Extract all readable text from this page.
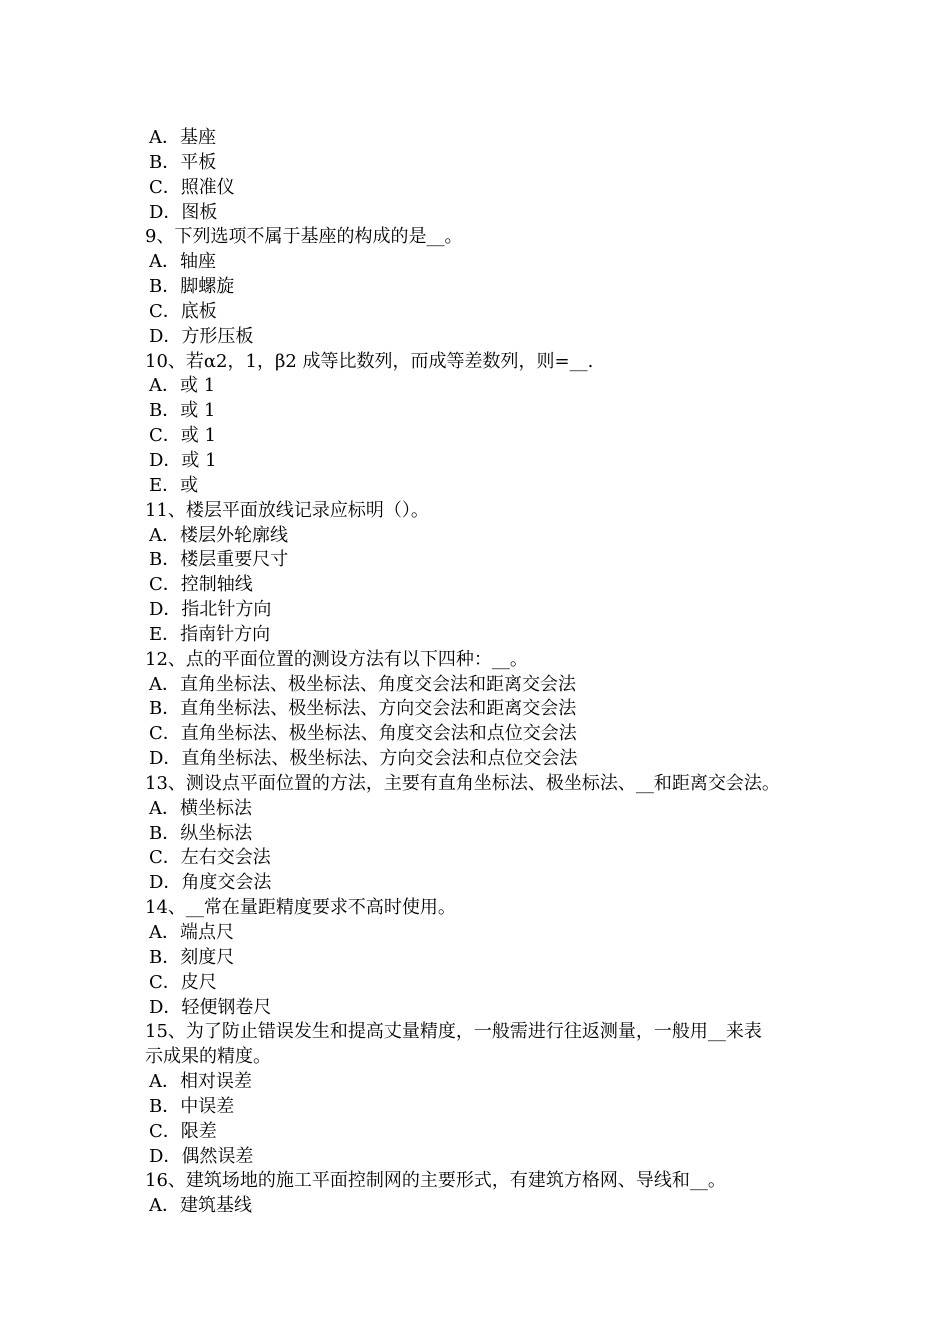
A．基座
B．平板
C．照准仪
D．图板
9、下列选项不属于基座的构成的是__。
A．轴座
B．脚螺旋
C．底板
D．方形压板
10、若α2，1，β2 成等比数列，而成等差数列，则=__.
A．或 1
B．或 1
C．或 1
D．或 1
E．或
11、楼层平面放线记录应标明（）。
A．楼层外轮廓线
B．楼层重要尺寸
C．控制轴线
D．指北针方向
E．指南针方向
12、点的平面位置的测设方法有以下四种：__。
A．直角坐标法、极坐标法、角度交会法和距离交会法
B．直角坐标法、极坐标法、方向交会法和距离交会法
C．直角坐标法、极坐标法、角度交会法和点位交会法
D．直角坐标法、极坐标法、方向交会法和点位交会法
13、测设点平面位置的方法，主要有直角坐标法、极坐标法、__和距离交会法。
A．横坐标法
B．纵坐标法
C．左右交会法
D．角度交会法
14、__常在量距精度要求不高时使用。
A．端点尺
B．刻度尺
C．皮尺
D．轻便钢卷尺
15、为了防止错误发生和提高丈量精度，一般需进行往返测量，一般用__来表
示成果的精度。
A．相对误差
B．中误差
C．限差
D．偶然误差
16、建筑场地的施工平面控制网的主要形式，有建筑方格网、导线和__。
A．建筑基线
